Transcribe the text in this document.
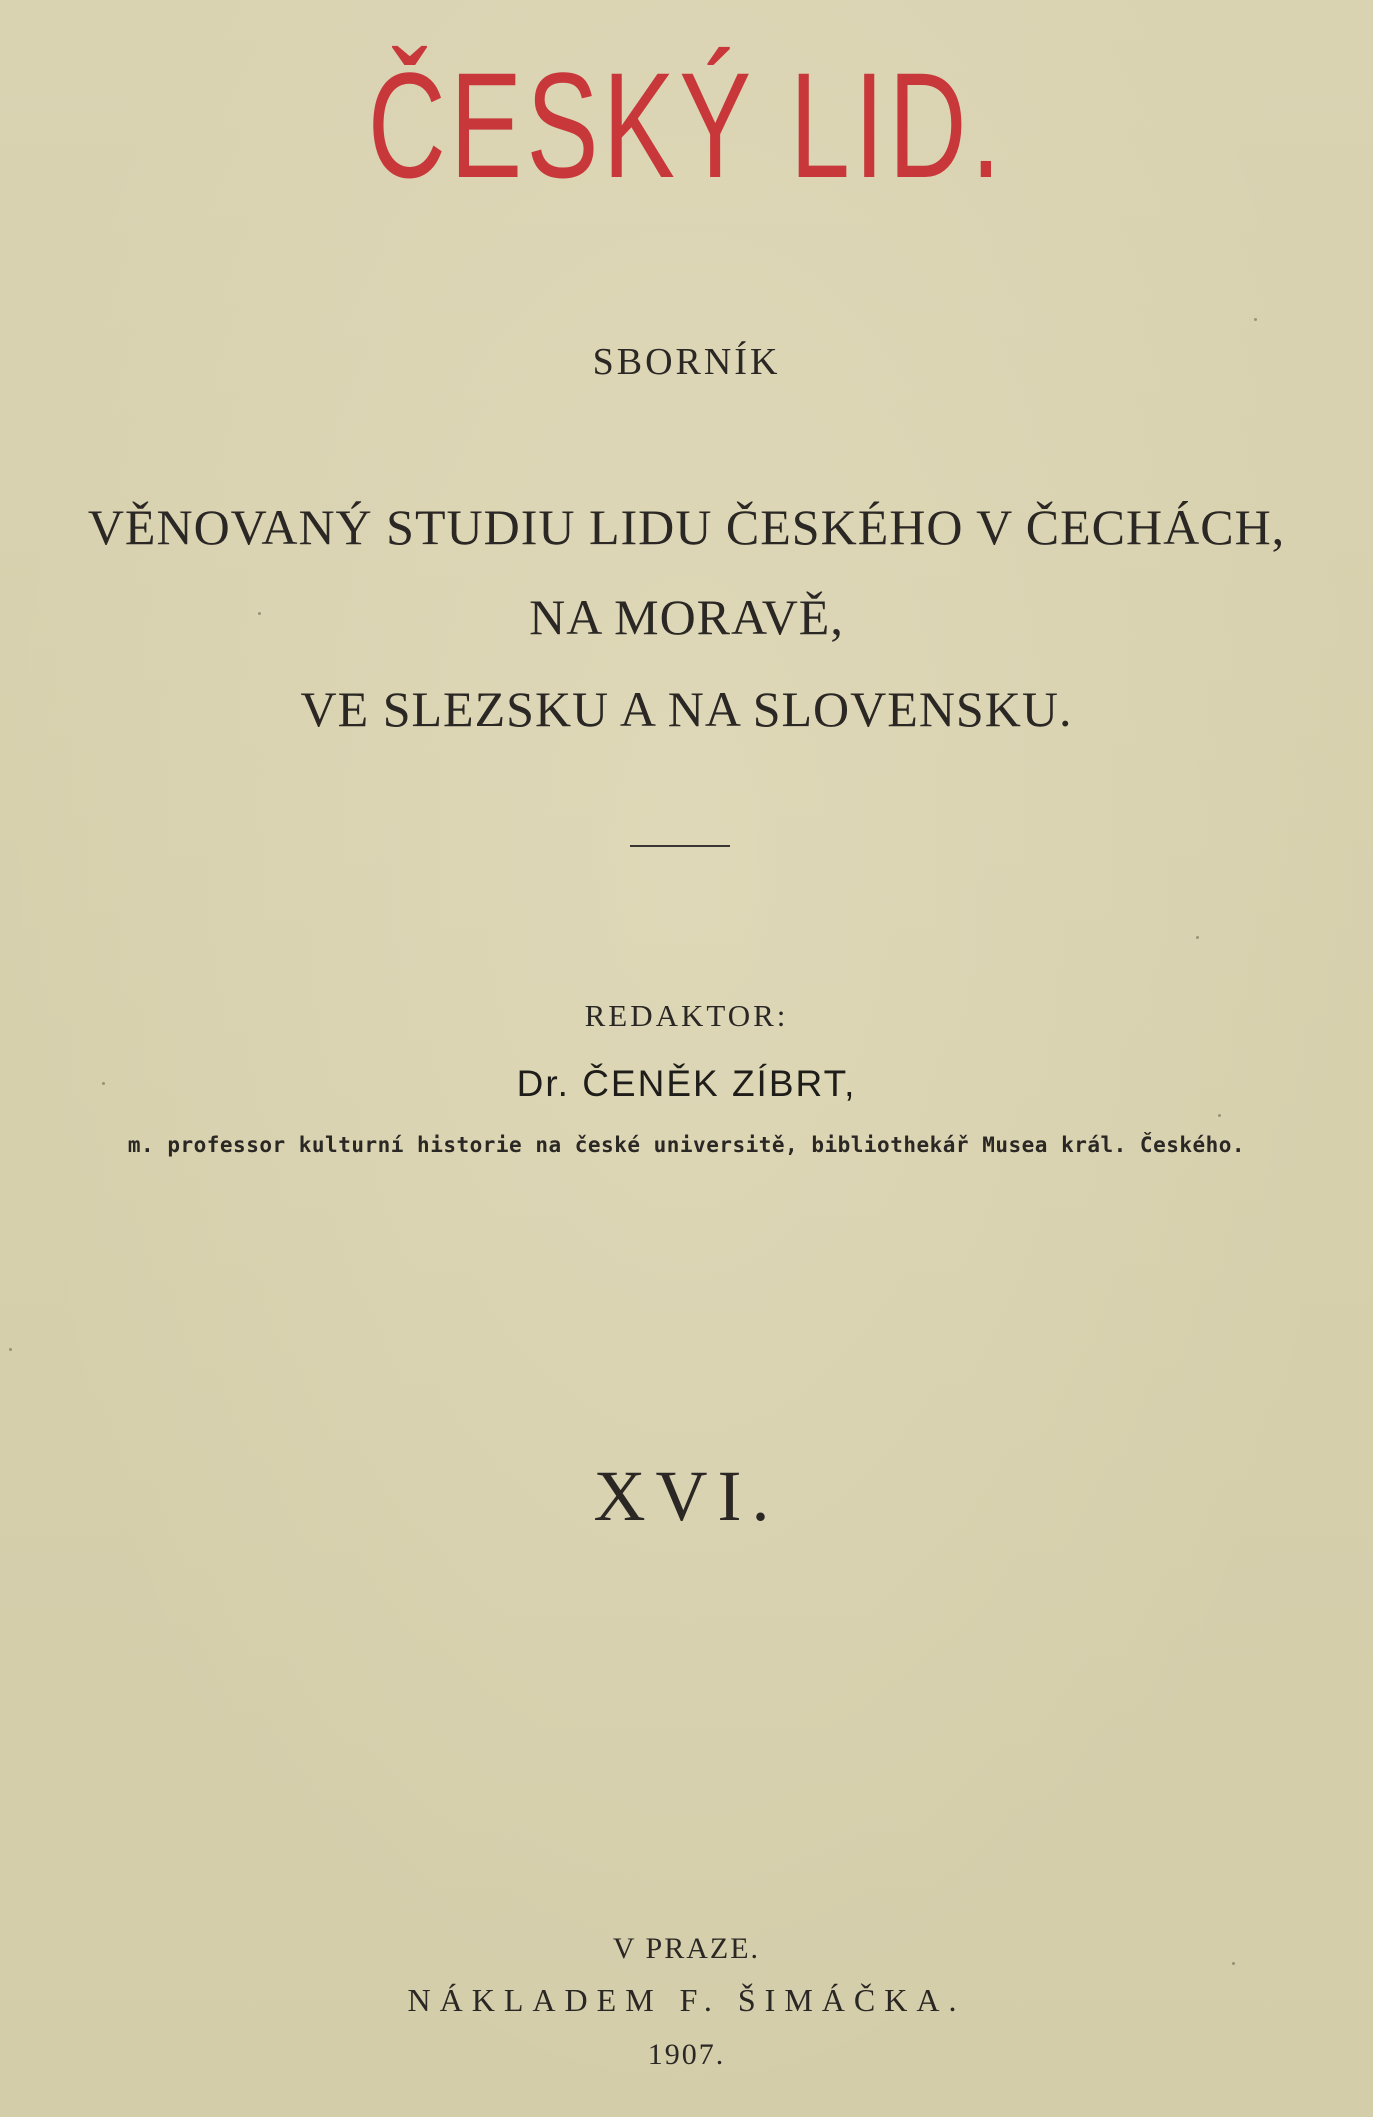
ČESKÝ LID.
SBORNÍK
VĚNOVANÝ STUDIU LIDU ČESKÉHO V ČECHÁCH,
NA MORAVĚ,
VE SLEZSKU A NA SLOVENSKU.
REDAKTOR:
Dr. ČENĚK ZÍBRT,
m. professor kulturní historie na české universitě, bibliothekář Musea král. Českého.
XVI.
V PRAZE.
NÁKLADEM F. ŠIMÁČKA.
1907.
